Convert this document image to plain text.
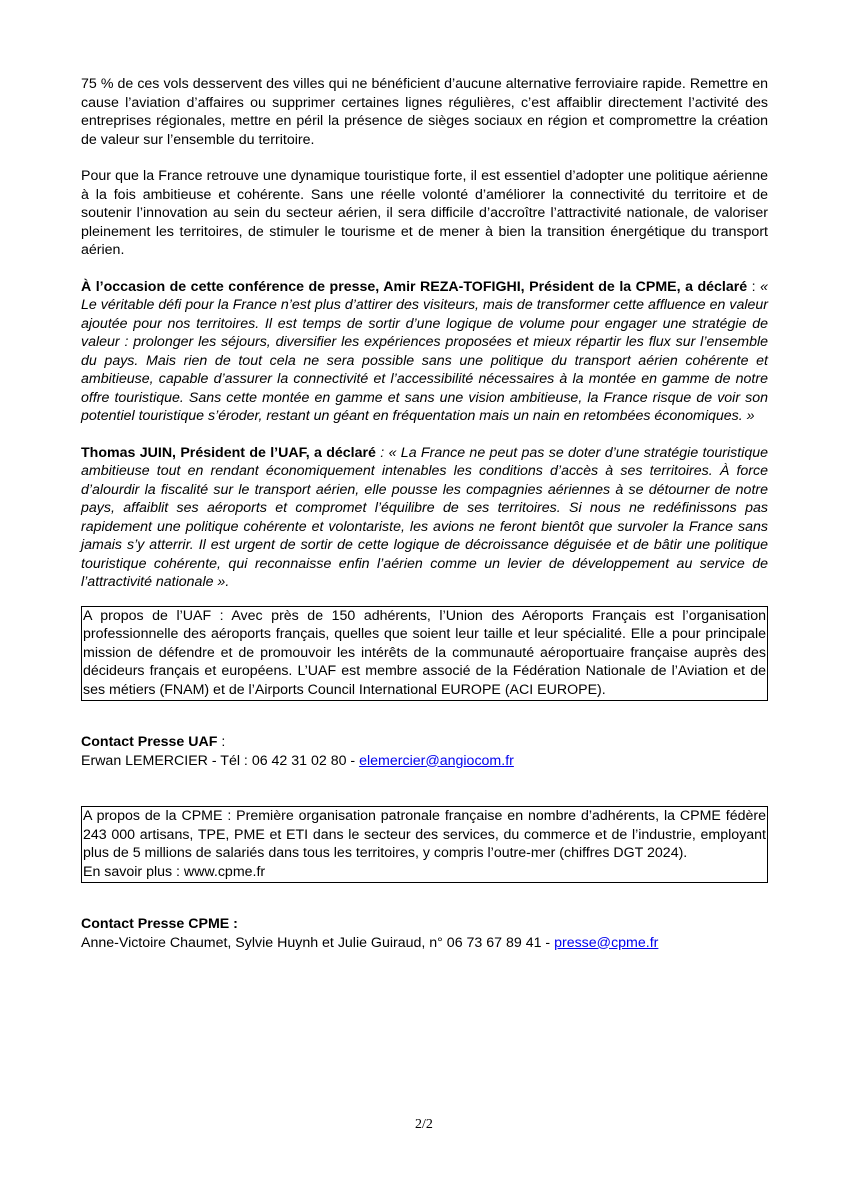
75 % de ces vols desservent des villes qui ne bénéficient d’aucune alternative ferroviaire rapide. Remettre en cause l’aviation d’affaires ou supprimer certaines lignes régulières, c’est affaiblir directement l’activité des entreprises régionales, mettre en péril la présence de sièges sociaux en région et compromettre la création de valeur sur l’ensemble du territoire.

Pour que la France retrouve une dynamique touristique forte, il est essentiel d’adopter une politique aérienne à la fois ambitieuse et cohérente. Sans une réelle volonté d’améliorer la connectivité du territoire et de soutenir l’innovation au sein du secteur aérien, il sera difficile d’accroître l’attractivité nationale, de valoriser pleinement les territoires, de stimuler le tourisme et de mener à bien la transition énergétique du transport aérien.

À l’occasion de cette conférence de presse, Amir REZA-TOFIGHI, Président de la CPME, a déclaré : « Le véritable défi pour la France n’est plus d’attirer des visiteurs, mais de transformer cette affluence en valeur ajoutée pour nos territoires. Il est temps de sortir d’une logique de volume pour engager une stratégie de valeur : prolonger les séjours, diversifier les expériences proposées et mieux répartir les flux sur l’ensemble du pays. Mais rien de tout cela ne sera possible sans une politique du transport aérien cohérente et ambitieuse, capable d’assurer la connectivité et l’accessibilité nécessaires à la montée en gamme de notre offre touristique. Sans cette montée en gamme et sans une vision ambitieuse, la France risque de voir son potentiel touristique s’éroder, restant un géant en fréquentation mais un nain en retombées économiques. »

Thomas JUIN, Président de l’UAF, a déclaré : « La France ne peut pas se doter d’une stratégie touristique ambitieuse tout en rendant économiquement intenables les conditions d’accès à ses territoires. À force d’alourdir la fiscalité sur le transport aérien, elle pousse les compagnies aériennes à se détourner de notre pays, affaiblit ses aéroports et compromet l’équilibre de ses territoires. Si nous ne redéfinissons pas rapidement une politique cohérente et volontariste, les avions ne feront bientôt que survoler la France sans jamais s’y atterrir. Il est urgent de sortir de cette logique de décroissance déguisée et de bâtir une politique touristique cohérente, qui reconnaisse enfin l’aérien comme un levier de développement au service de l’attractivité nationale ».

A propos de l’UAF : Avec près de 150 adhérents, l’Union des Aéroports Français est l’organisation professionnelle des aéroports français, quelles que soient leur taille et leur spécialité. Elle a pour principale mission de défendre et de promouvoir les intérêts de la communauté aéroportuaire française auprès des décideurs français et européens. L’UAF est membre associé de la Fédération Nationale de l’Aviation et de ses métiers (FNAM) et de l’Airports Council International EUROPE (ACI EUROPE).

Contact Presse UAF :

Erwan LEMERCIER - Tél : 06 42 31 02 80 - elemercier@angiocom.fr

A propos de la CPME : Première organisation patronale française en nombre d’adhérents, la CPME fédère 243 000 artisans, TPE, PME et ETI dans le secteur des services, du commerce et de l’industrie, employant plus de 5 millions de salariés dans tous les territoires, y compris l’outre-mer (chiffres DGT 2024).

En savoir plus : www.cpme.fr

Contact Presse CPME :

Anne-Victoire Chaumet, Sylvie Huynh et Julie Guiraud, n° 06 73 67 89 41 - presse@cpme.fr

2/2
